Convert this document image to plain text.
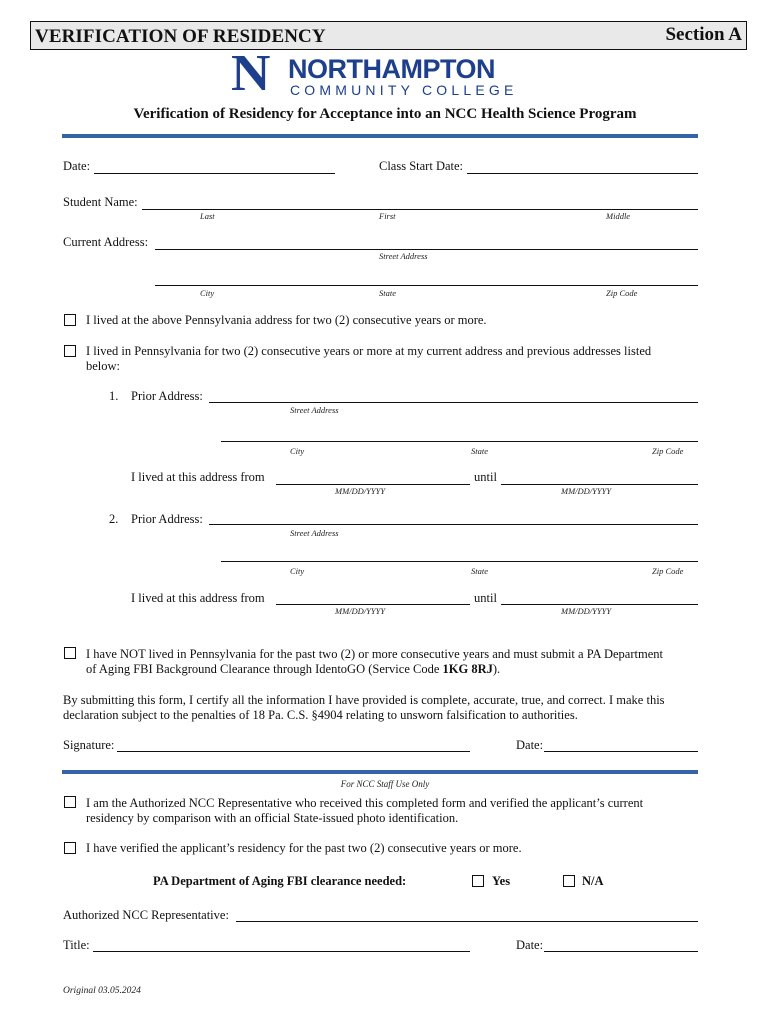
VERIFICATION OF RESIDENCY	Section A
N NORTHAMPTON
COMMUNITY COLLEGE
Verification of Residency for Acceptance into an NCC Health Science Program
Date:	Class Start Date:
Student Name:
Last	First	Middle
Current Address:
Street Address
City	State	Zip Code
I lived at the above Pennsylvania address for two (2) consecutive years or more.
I lived in Pennsylvania for two (2) consecutive years or more at my current address and previous addresses listed
below:
1. Prior Address:
Street Address
City	State	Zip Code
I lived at this address from	until
MM/DD/YYYY	MM/DD/YYYY
2. Prior Address:
Street Address
City	State	Zip Code
I lived at this address from	until
MM/DD/YYYY	MM/DD/YYYY
I have NOT lived in Pennsylvania for the past two (2) or more consecutive years and must submit a PA Department
of Aging FBI Background Clearance through IdentoGO (Service Code 1KG 8RJ).
By submitting this form, I certify all the information I have provided is complete, accurate, true, and correct. I make this
declaration subject to the penalties of 18 Pa. C.S. §4904 relating to unsworn falsification to authorities.
Signature:	Date:
For NCC Staff Use Only
I am the Authorized NCC Representative who received this completed form and verified the applicant’s current
residency by comparison with an official State-issued photo identification.
I have verified the applicant’s residency for the past two (2) consecutive years or more.
PA Department of Aging FBI clearance needed:	Yes	N/A
Authorized NCC Representative:
Title:	Date:
Original 03.05.2024
